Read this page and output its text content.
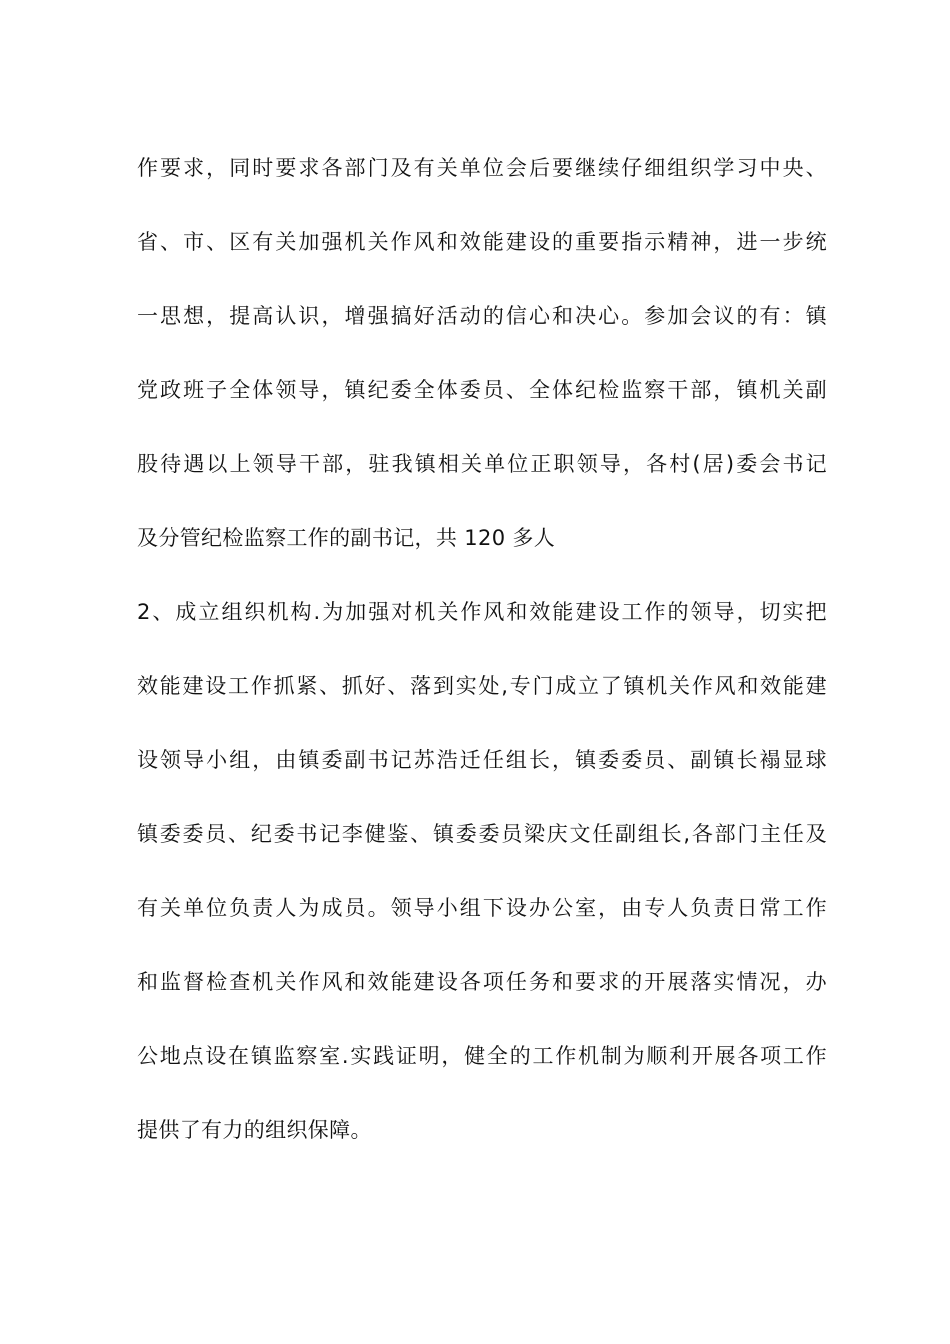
作要求，同时要求各部门及有关单位会后要继续仔细组织学习中央、
省、市、区有关加强机关作风和效能建设的重要指示精神，进一步统
一思想，提高认识，增强搞好活动的信心和决心。参加会议的有：镇
党政班子全体领导，镇纪委全体委员、全体纪检监察干部，镇机关副
股待遇以上领导干部，驻我镇相关单位正职领导，各村(居)委会书记
及分管纪检监察工作的副书记，共 120 多人
2、成立组织机构.为加强对机关作风和效能建设工作的领导，切实把
效能建设工作抓紧、抓好、落到实处,专门成立了镇机关作风和效能建
设领导小组，由镇委副书记苏浩迁任组长，镇委委员、副镇长褟显球
镇委委员、纪委书记李健鉴、镇委委员梁庆文任副组长,各部门主任及
有关单位负责人为成员。领导小组下设办公室，由专人负责日常工作
和监督检查机关作风和效能建设各项任务和要求的开展落实情况，办
公地点设在镇监察室.实践证明，健全的工作机制为顺利开展各项工作
提供了有力的组织保障。
